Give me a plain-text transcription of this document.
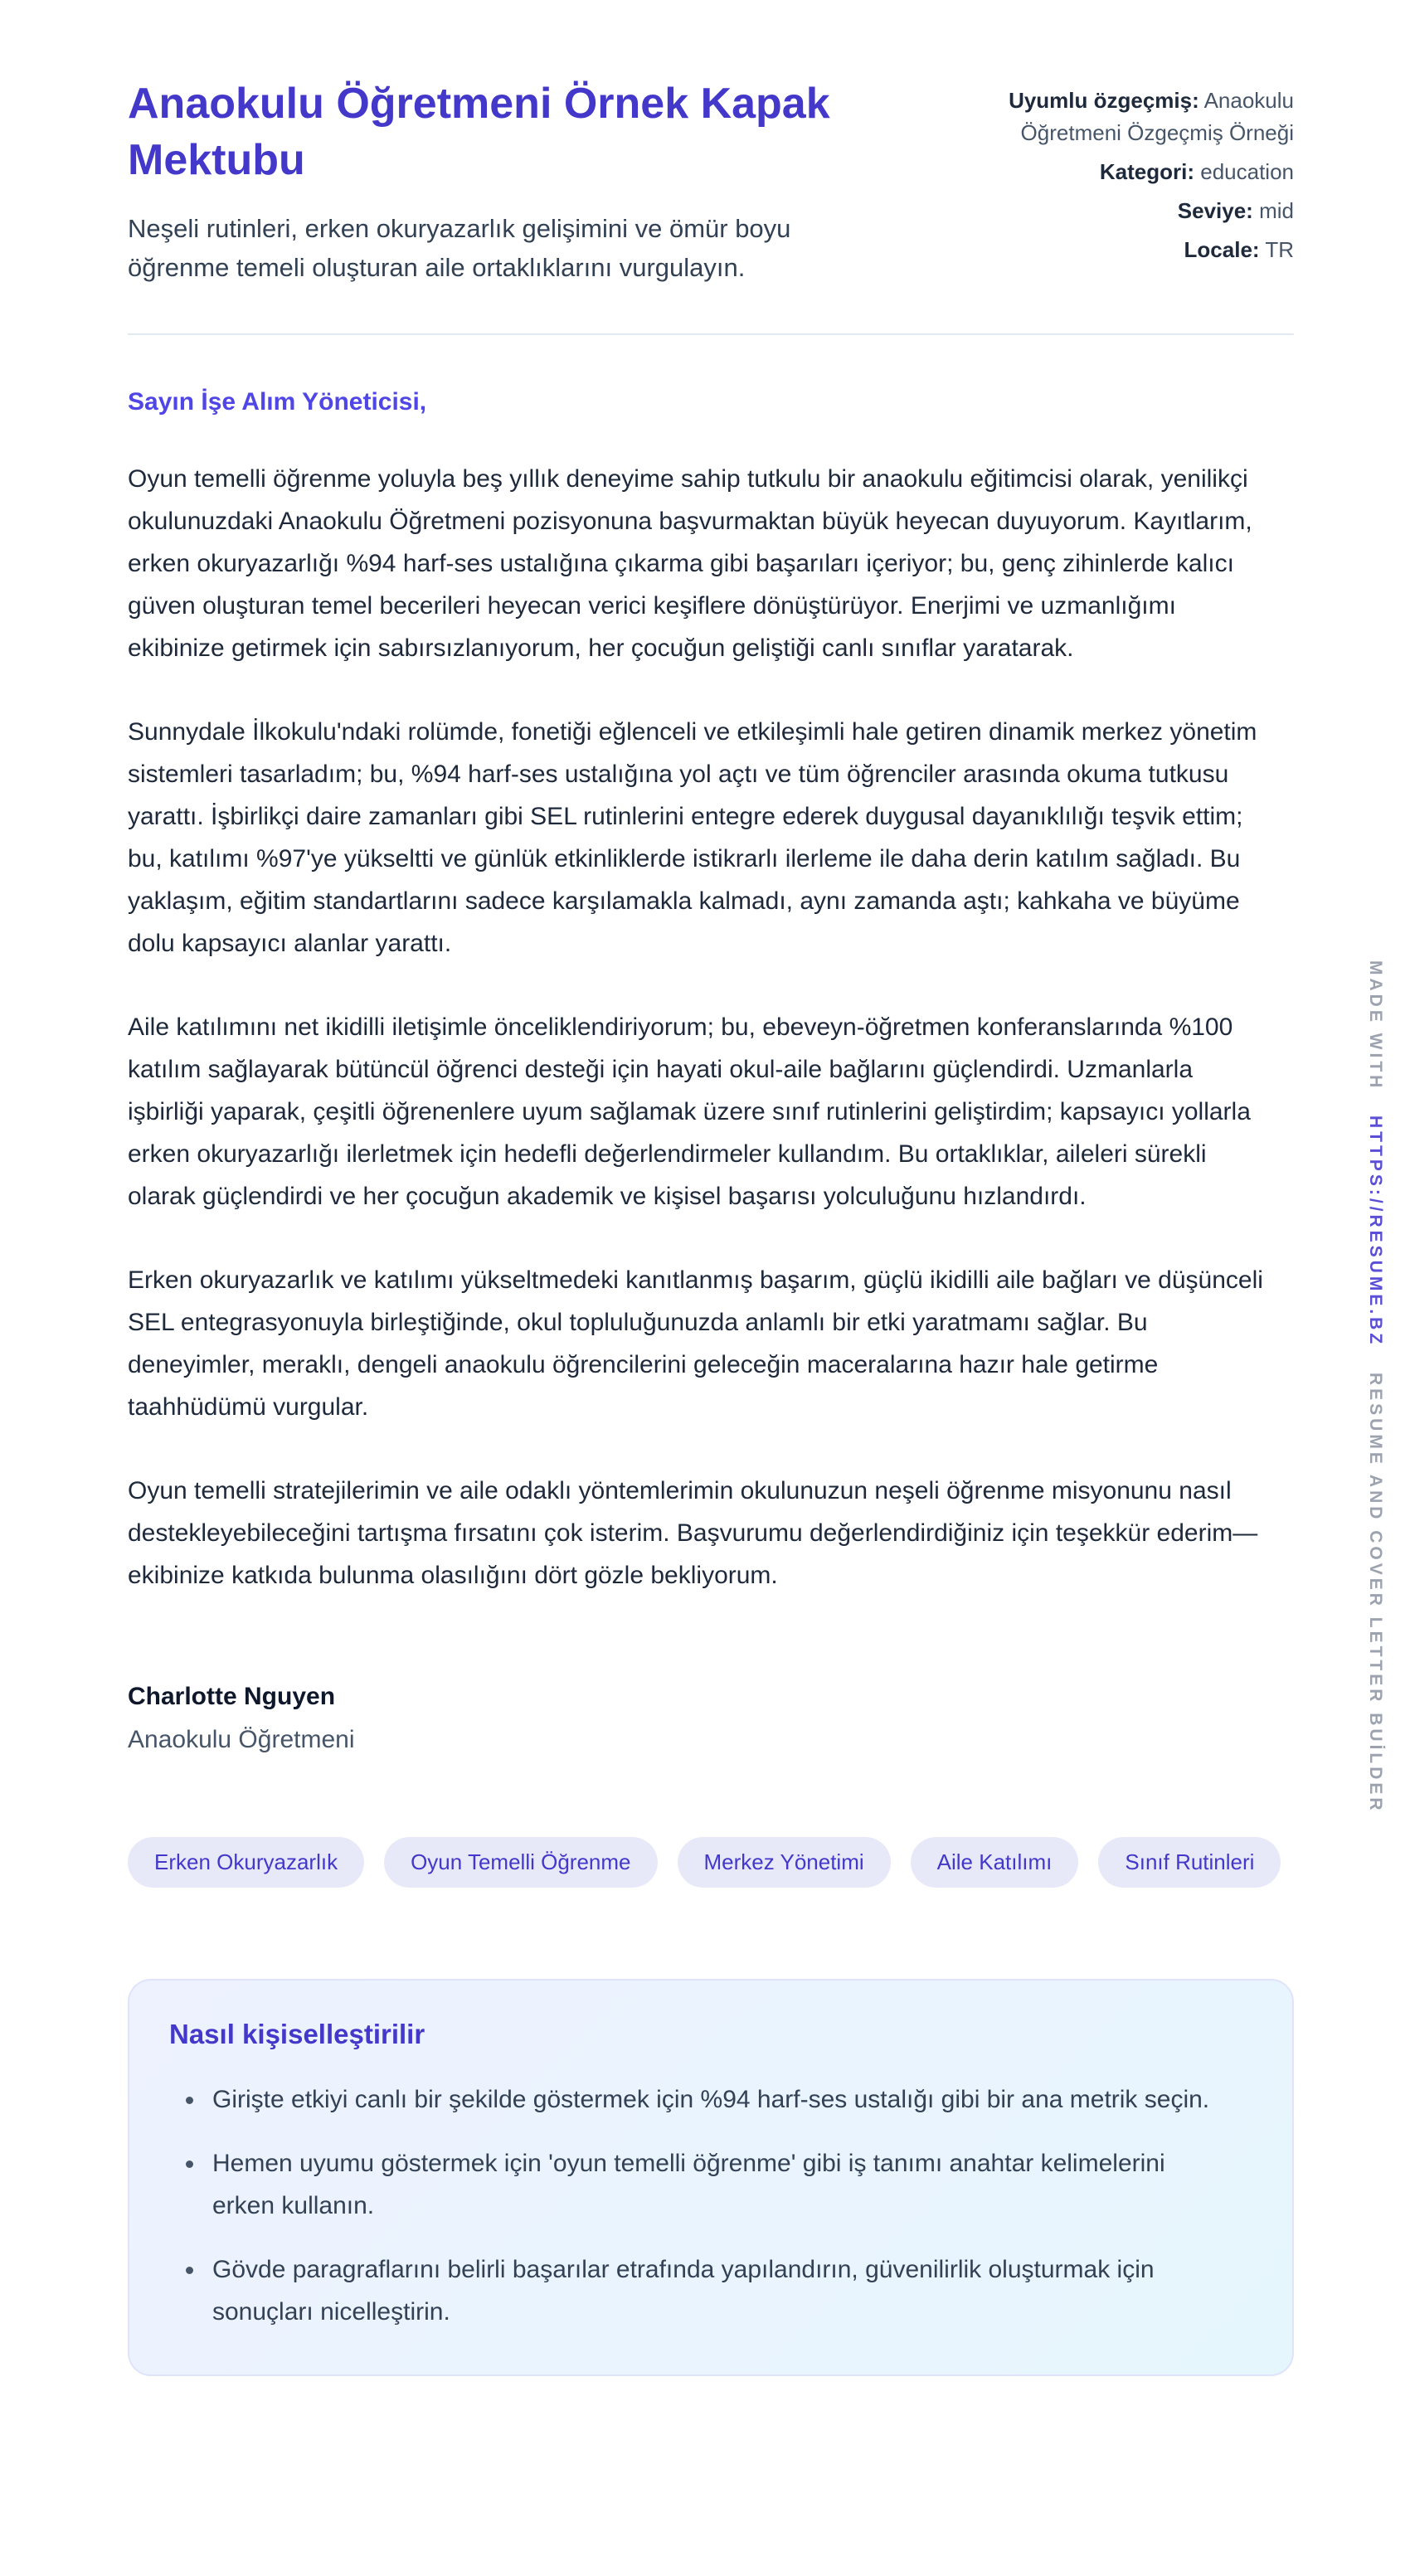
Anaokulu Öğretmeni Örnek Kapak Mektubu

Neşeli rutinleri, erken okuryazarlık gelişimini ve ömür boyu öğrenme temeli oluşturan aile ortaklıklarını vurgulayın.

Uyumlu özgeçmiş: Anaokulu Öğretmeni Özgeçmiş Örneği
Kategori: education
Seviye: mid
Locale: TR

Sayın İşe Alım Yöneticisi,

Oyun temelli öğrenme yoluyla beş yıllık deneyime sahip tutkulu bir anaokulu eğitimcisi olarak, yenilikçi okulunuzdaki Anaokulu Öğretmeni pozisyonuna başvurmaktan büyük heyecan duyuyorum. Kayıtlarım, erken okuryazarlığı %94 harf-ses ustalığına çıkarma gibi başarıları içeriyor; bu, genç zihinlerde kalıcı güven oluşturan temel becerileri heyecan verici keşiflere dönüştürüyor. Enerjimi ve uzmanlığımı ekibinize getirmek için sabırsızlanıyorum, her çocuğun geliştiği canlı sınıflar yaratarak.

Sunnydale İlkokulu'ndaki rolümde, fonetiği eğlenceli ve etkileşimli hale getiren dinamik merkez yönetim sistemleri tasarladım; bu, %94 harf-ses ustalığına yol açtı ve tüm öğrenciler arasında okuma tutkusu yarattı. İşbirlikçi daire zamanları gibi SEL rutinlerini entegre ederek duygusal dayanıklılığı teşvik ettim; bu, katılımı %97'ye yükseltti ve günlük etkinliklerde istikrarlı ilerleme ile daha derin katılım sağladı. Bu yaklaşım, eğitim standartlarını sadece karşılamakla kalmadı, aynı zamanda aştı; kahkaha ve büyüme dolu kapsayıcı alanlar yarattı.

Aile katılımını net ikidilli iletişimle önceliklendiriyorum; bu, ebeveyn-öğretmen konferanslarında %100 katılım sağlayarak bütüncül öğrenci desteği için hayati okul-aile bağlarını güçlendirdi. Uzmanlarla işbirliği yaparak, çeşitli öğrenenlere uyum sağlamak üzere sınıf rutinlerini geliştirdim; kapsayıcı yollarla erken okuryazarlığı ilerletmek için hedefli değerlendirmeler kullandım. Bu ortaklıklar, aileleri sürekli olarak güçlendirdi ve her çocuğun akademik ve kişisel başarısı yolculuğunu hızlandırdı.

Erken okuryazarlık ve katılımı yükseltmedeki kanıtlanmış başarım, güçlü ikidilli aile bağları ve düşünceli SEL entegrasyonuyla birleştiğinde, okul topluluğunuzda anlamlı bir etki yaratmamı sağlar. Bu deneyimler, meraklı, dengeli anaokulu öğrencilerini geleceğin maceralarına hazır hale getirme taahhüdümü vurgular.

Oyun temelli stratejilerimin ve aile odaklı yöntemlerimin okulunuzun neşeli öğrenme misyonunu nasıl destekleyebileceğini tartışma fırsatını çok isterim. Başvurumu değerlendirdiğiniz için teşekkür ederim—ekibinize katkıda bulunma olasılığını dört gözle bekliyorum.

Charlotte Nguyen

Anaokulu Öğretmeni

Erken Okuryazarlık	Oyun Temelli Öğrenme	Merkez Yönetimi	Aile Katılımı	Sınıf Rutinleri
Nasıl kişiselleştirilir
• Girişte etkiyi canlı bir şekilde göstermek için %94 harf-ses ustalığı gibi bir ana metrik seçin.
• Hemen uyumu göstermek için 'oyun temelli öğrenme' gibi iş tanımı anahtar kelimelerini erken kullanın.
• Gövde paragraflarını belirli başarılar etrafında yapılandırın, güvenilirlik oluşturmak için sonuçları nicelleştirin.
MADE WITH
HTTPS://RESUME.BZ
RESUME AND COVER LETTER BUİLDER
